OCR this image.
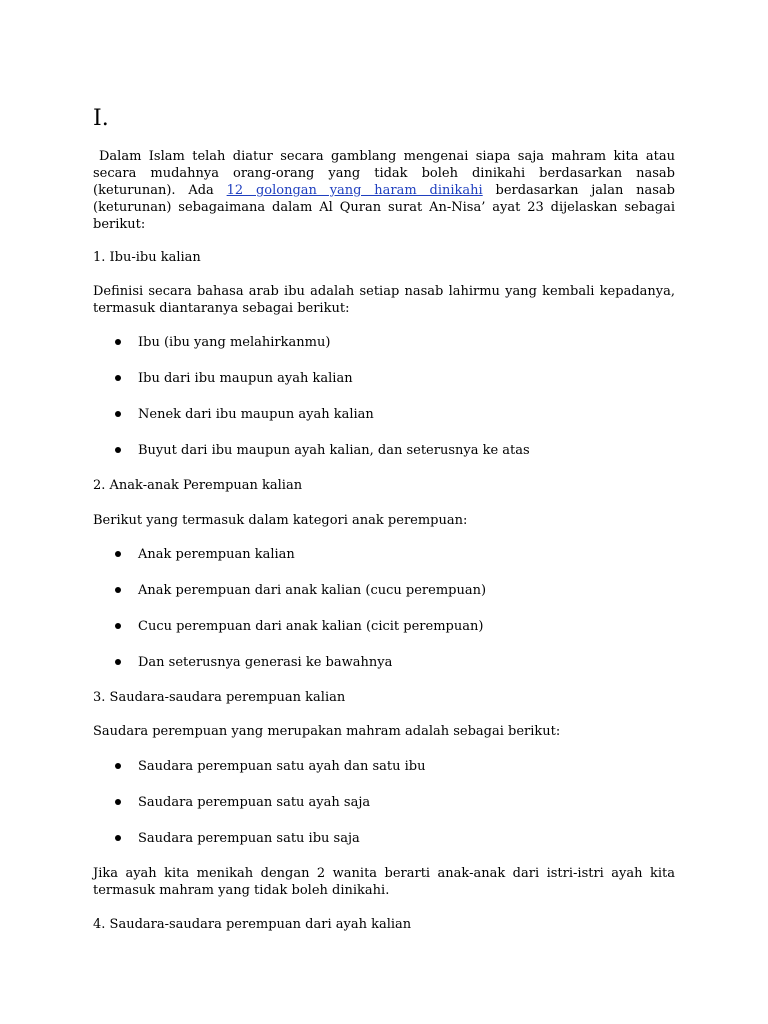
I.

Dalam Islam telah diatur secara gamblang mengenai siapa saja mahram kita atau secara mudahnya orang-orang yang tidak boleh dinikahi berdasarkan nasab (keturunan). Ada 12 golongan yang haram dinikahi berdasarkan jalan nasab (keturunan) sebagaimana dalam Al Quran surat An-Nisa’ ayat 23 dijelaskan sebagai berikut:

1. Ibu-ibu kalian

Definisi secara bahasa arab ibu adalah setiap nasab lahirmu yang kembali kepadanya, termasuk diantaranya sebagai berikut:

Ibu (ibu yang melahirkanmu)

Ibu dari ibu maupun ayah kalian

Nenek dari ibu maupun ayah kalian

Buyut dari ibu maupun ayah kalian, dan seterusnya ke atas

2. Anak-anak Perempuan kalian

Berikut yang termasuk dalam kategori anak perempuan:

Anak perempuan kalian

Anak perempuan dari anak kalian (cucu perempuan)

Cucu perempuan dari anak kalian (cicit perempuan)

Dan seterusnya generasi ke bawahnya

3. Saudara-saudara perempuan kalian

Saudara perempuan yang merupakan mahram adalah sebagai berikut:

Saudara perempuan satu ayah dan satu ibu

Saudara perempuan satu ayah saja

Saudara perempuan satu ibu saja

Jika ayah kita menikah dengan 2 wanita berarti anak-anak dari istri-istri ayah kita termasuk mahram yang tidak boleh dinikahi.

4. Saudara-saudara perempuan dari ayah kalian
